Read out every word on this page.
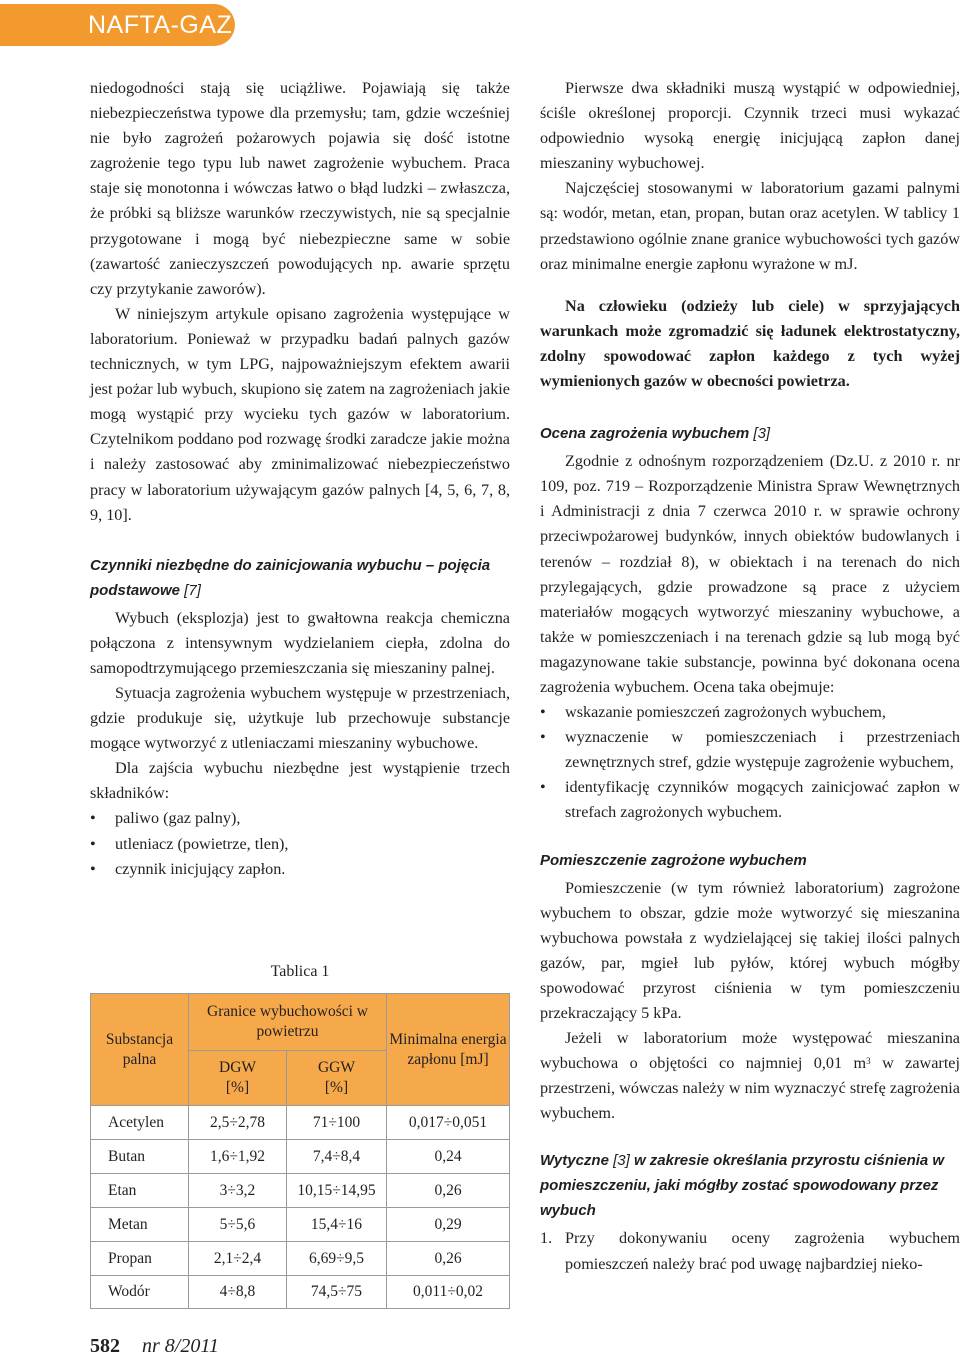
NAFTA-GAZ

niedogodności stają się uciążliwe. Pojawiają się także niebezpieczeństwa typowe dla przemysłu; tam, gdzie wcześniej nie było zagrożeń pożarowych pojawia się dość istotne zagrożenie tego typu lub nawet zagrożenie wybuchem. Praca staje się monotonna i wówczas łatwo o błąd ludzki – zwłaszcza, że próbki są bliższe warunków rzeczywistych, nie są specjalnie przygotowane i mogą być niebezpieczne same w sobie (zawartość zanieczyszczeń powodujących np. awarie sprzętu czy przytykanie zaworów).

W niniejszym artykule opisano zagrożenia występujące w laboratorium. Ponieważ w przypadku badań palnych gazów technicznych, w tym LPG, najpoważniejszym efektem awarii jest pożar lub wybuch, skupiono się zatem na zagrożeniach jakie mogą wystąpić przy wycieku tych gazów w laboratorium. Czytelnikom poddano pod rozwagę środki zaradcze jakie można i należy zastosować aby zminimalizować niebezpieczeństwo pracy w laboratorium używającym gazów palnych [4, 5, 6, 7, 8, 9, 10].

Czynniki niezbędne do zainicjowania wybuchu – pojęcia podstawowe [7]

Wybuch (eksplozja) jest to gwałtowna reakcja chemiczna połączona z intensywnym wydzielaniem ciepła, zdolna do samopodtrzymującego przemieszczania się mieszaniny palnej.

Sytuacja zagrożenia wybuchem występuje w przestrzeniach, gdzie produkuje się, użytkuje lub przechowuje substancje mogące wytworzyć z utleniaczami mieszaniny wybuchowe.

Dla zajścia wybuchu niezbędne jest wystąpienie trzech składników:

• paliwo (gaz palny),
• utleniacz (powietrze, tlen),
• czynnik inicjujący zapłon.
Tablica 1
Substancja palna	Granice wybuchowości w powietrzu		Minimalna energia zapłonu [mJ]
	DGW [%]	GGW [%]	
Acetylen	2,5÷2,78	71÷100	0,017÷0,051
Butan	1,6÷1,92	7,4÷8,4	0,24
Etan	3÷3,2	10,15÷14,95	0,26
Metan	5÷5,6	15,4÷16	0,29
Propan	2,1÷2,4	6,69÷9,5	0,26
Wodór	4÷8,8	74,5÷75	0,011÷0,02

Pierwsze dwa składniki muszą wystąpić w odpowiedniej, ściśle określonej proporcji. Czynnik trzeci musi wykazać odpowiednio wysoką energię inicjującą zapłon danej mieszaniny wybuchowej.

Najczęściej stosowanymi w laboratorium gazami palnymi są: wodór, metan, etan, propan, butan oraz acetylen. W tablicy 1 przedstawiono ogólnie znane granice wybuchowości tych gazów oraz minimalne energie zapłonu wyrażone w mJ.

Na człowieku (odzieży lub ciele) w sprzyjających warunkach może zgromadzić się ładunek elektrostatyczny, zdolny spowodować zapłon każdego z tych wyżej wymienionych gazów w obecności powietrza.

Ocena zagrożenia wybuchem [3]

Zgodnie z odnośnym rozporządzeniem (Dz.U. z 2010 r. nr 109, poz. 719 – Rozporządzenie Ministra Spraw Wewnętrznych i Administracji z dnia 7 czerwca 2010 r. w sprawie ochrony przeciwpożarowej budynków, innych obiektów budowlanych i terenów – rozdział 8), w obiektach i na terenach do nich przylegających, gdzie prowadzone są prace z użyciem materiałów mogących wytworzyć mieszaniny wybuchowe, a także w pomieszczeniach i na terenach gdzie są lub mogą być magazynowane takie substancje, powinna być dokonana ocena zagrożenia wybuchem. Ocena taka obejmuje:

• wskazanie pomieszczeń zagrożonych wybuchem,
• wyznaczenie w pomieszczeniach i przestrzeniach zewnętrznych stref, gdzie występuje zagrożenie wybuchem,
• identyfikację czynników mogących zainicjować zapłon w strefach zagrożonych wybuchem.

Pomieszczenie zagrożone wybuchem

Pomieszczenie (w tym również laboratorium) zagrożone wybuchem to obszar, gdzie może wytworzyć się mieszanina wybuchowa powstała z wydzielającej się takiej ilości palnych gazów, par, mgieł lub pyłów, której wybuch mógłby spowodować przyrost ciśnienia w tym pomieszczeniu przekraczający 5 kPa.

Jeżeli w laboratorium może występować mieszanina wybuchowa o objętości co najmniej 0,01 $m^3$ w zawartej przestrzeni, wówczas należy w nim wyznaczyć strefę zagrożenia wybuchem.

Wytyczne [3] w zakresie określania przyrostu ciśnienia w pomieszczeniu, jaki mógłby zostać spowodowany przez wybuch

1. Przy dokonywaniu oceny zagrożenia wybuchem pomieszczeń należy brać pod uwagę najbardziej nieko-
582 nr 8/2011
